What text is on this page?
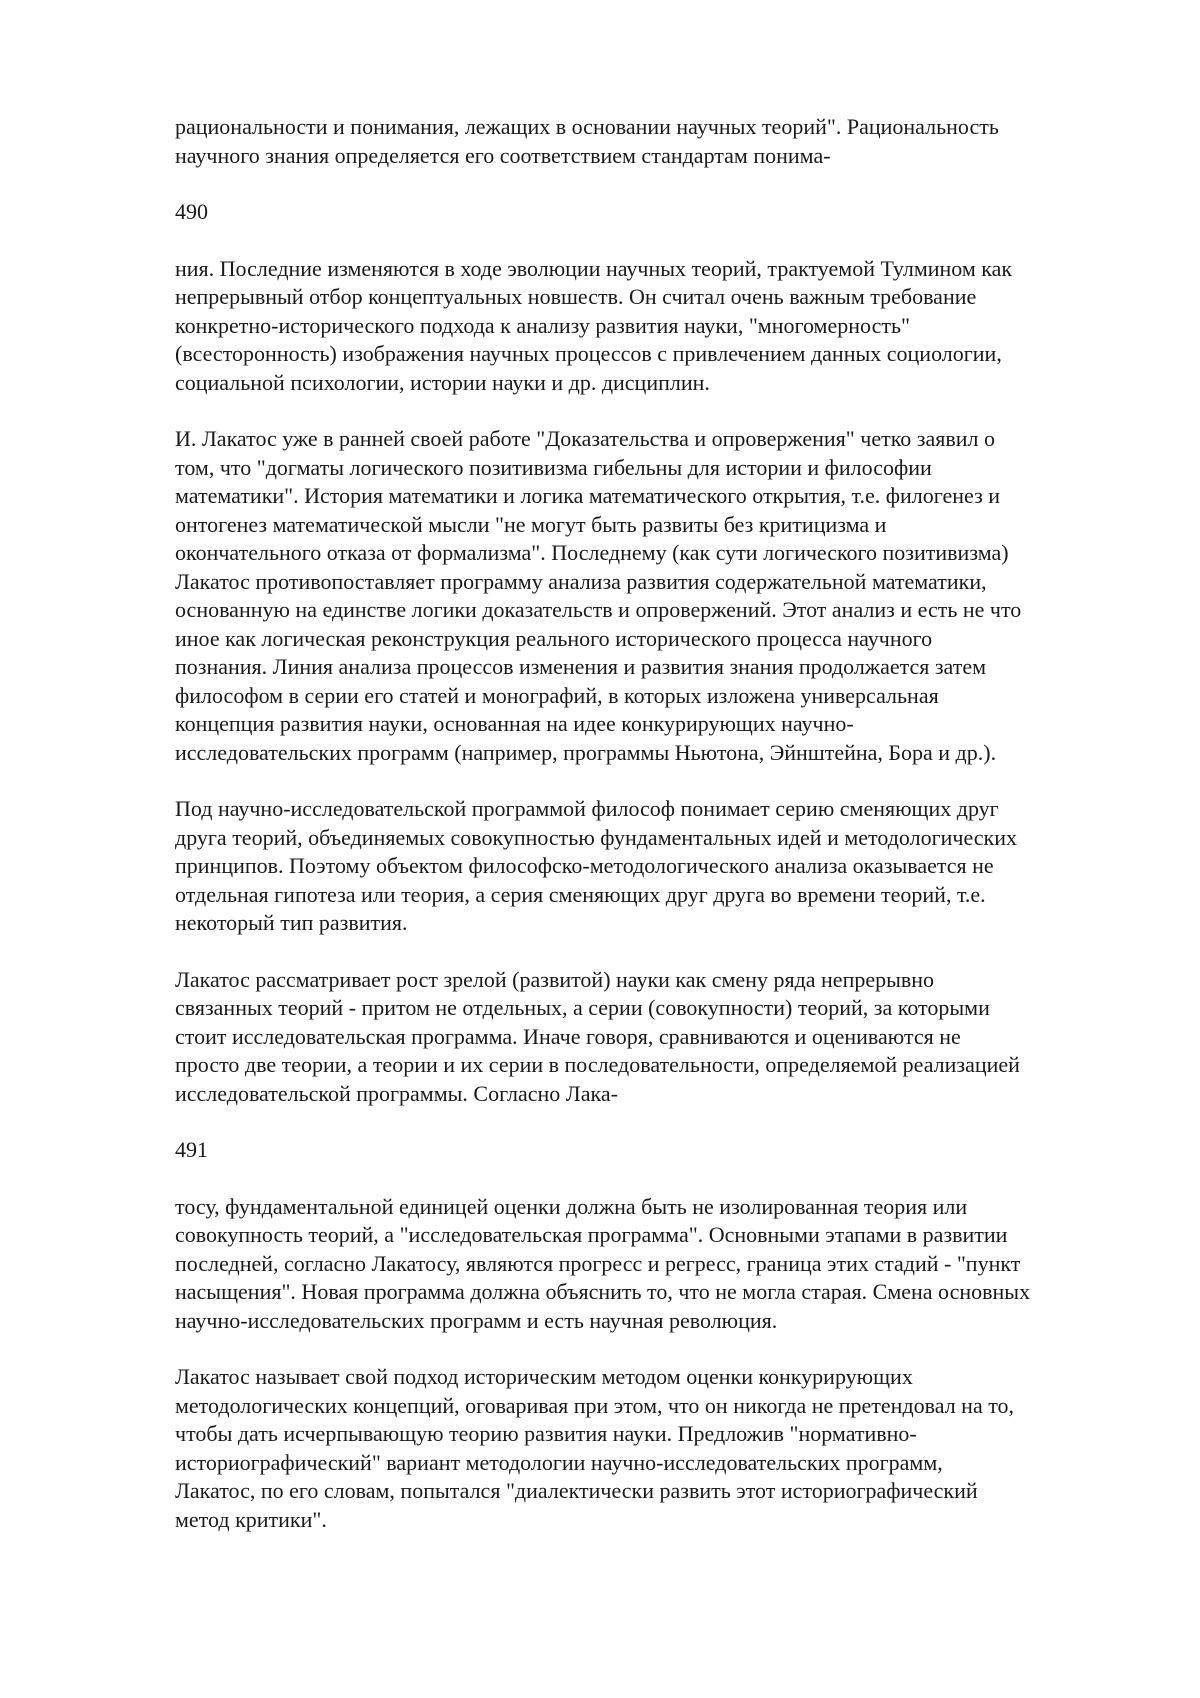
рациональности и понимания, лежащих в основании научных теорий". Рациональность
научного знания определяется его соответствием стандартам понима-

490

ния. Последние изменяются в ходе эволюции научных теорий, трактуемой Тулмином как
непрерывный отбор концептуальных новшеств. Он считал очень важным требование
конкретно-исторического подхода к анализу развития науки, "многомерность"
(всесторонность) изображения научных процессов с привлечением данных социологии,
социальной психологии, истории науки и др. дисциплин.

И. Лакатос уже в ранней своей работе "Доказательства и опровержения" четко заявил о
том, что "догматы логического позитивизма гибельны для истории и философии
математики". История математики и логика математического открытия, т.е. филогенез и
онтогенез математической мысли "не могут быть развиты без критицизма и
окончательного отказа от формализма". Последнему (как сути логического позитивизма)
Лакатос противопоставляет программу анализа развития содержательной математики,
основанную на единстве логики доказательств и опровержений. Этот анализ и есть не что
иное как логическая реконструкция реального исторического процесса научного
познания. Линия анализа процессов изменения и развития знания продолжается затем
философом в серии его статей и монографий, в которых изложена универсальная
концепция развития науки, основанная на идее конкурирующих научно-
исследовательских программ (например, программы Ньютона, Эйнштейна, Бора и др.).

Под научно-исследовательской программой философ понимает серию сменяющих друг
друга теорий, объединяемых совокупностью фундаментальных идей и методологических
принципов. Поэтому объектом философско-методологического анализа оказывается не
отдельная гипотеза или теория, а серия сменяющих друг друга во времени теорий, т.е.
некоторый тип развития.

Лакатос рассматривает рост зрелой (развитой) науки как смену ряда непрерывно
связанных теорий - притом не отдельных, а серии (совокупности) теорий, за которыми
стоит исследовательская программа. Иначе говоря, сравниваются и оцениваются не
просто две теории, а теории и их серии в последовательности, определяемой реализацией
исследовательской программы. Согласно Лака-

491

тосу, фундаментальной единицей оценки должна быть не изолированная теория или
совокупность теорий, а "исследовательская программа". Основными этапами в развитии
последней, согласно Лакатосу, являются прогресс и регресс, граница этих стадий - "пункт
насыщения". Новая программа должна объяснить то, что не могла старая. Смена основных
научно-исследовательских программ и есть научная революция.

Лакатос называет свой подход историческим методом оценки конкурирующих
методологических концепций, оговаривая при этом, что он никогда не претендовал на то,
чтобы дать исчерпывающую теорию развития науки. Предложив "нормативно-
историографический" вариант методологии научно-исследовательских программ,
Лакатос, по его словам, попытался "диалектически развить этот историографический
метод критики".
